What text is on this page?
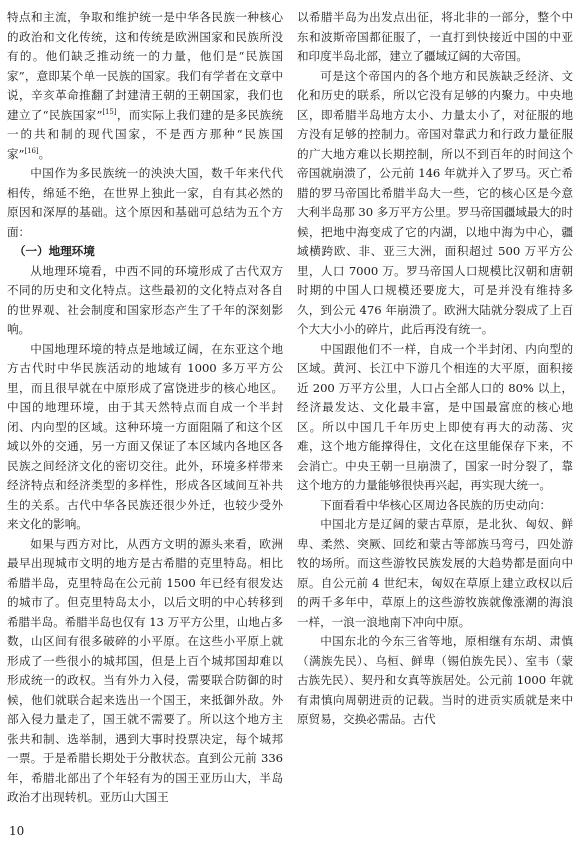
特点和主流，争取和维护统一是中华各民族一种核心的政治和文化传统，这和传统是欧洲国家和民族所没有的。他们缺乏推动统一的力量，他们是“民族国家”，意即某个单一民族的国家。我们有学者在文章中说，辛亥革命推翻了封建清王朝的王朝国家，我们也建立了“民族国家”[15]，而实际上我们建的是多民族统一的共和制的现代国家，不是西方那种“民族国家”[16]。

中国作为多民族统一的泱泱大国，数千年来代代相传，绵延不绝，在世界上独此一家，自有其必然的原因和深厚的基础。这个原因和基础可总结为五个方面：

（一）地理环境

从地理环境看，中西不同的环境形成了古代双方不同的历史和文化特点。这些最初的文化特点对各自的世界观、社会制度和国家形态产生了千年的深刻影响。

中国地理环境的特点是地域辽阔，在东亚这个地方古代时中华民族活动的地域有 1000 多万平方公里，而且很早就在中原形成了富饶进步的核心地区。中国的地理环境，由于其天然特点而自成一个半封闭、内向型的区域。这种环境一方面阻隔了和这个区域以外的交通，另一方面又保证了本区域内各地区各民族之间经济文化的密切交往。此外，环境多样带来经济特点和经济类型的多样性，形成各区域间互补共生的关系。古代中华各民族还很少外迁，也较少受外来文化的影响。

如果与西方对比，从西方文明的源头来看，欧洲最早出现城市文明的地方是古希腊的克里特岛。相比希腊半岛，克里特岛在公元前 1500 年已经有很发达的城市了。但克里特岛太小，以后文明的中心转移到希腊半岛。希腊半岛也仅有 13 万平方公里，山地占多数，山区间有很多破碎的小平原。在这些小平原上就形成了一些很小的城邦国，但是上百个城邦国却难以形成统一的政权。当有外力入侵，需要联合防御的时候，他们就联合起来选出一个国王，来抵御外敌。外部入侵力量走了，国王就不需要了。所以这个地方主张共和制、选举制，遇到大事时投票决定，每个城邦一票。于是希腊长期处于分散状态。直到公元前 336 年，希腊北部出了个年轻有为的国王亚历山大，半岛政治才出现转机。亚历山大国王

以希腊半岛为出发点出征，将北非的一部分，整个中东和波斯帝国都征服了，一直打到快接近中国的中亚和印度半岛北部，建立了疆域辽阔的大帝国。

可是这个帝国内的各个地方和民族缺乏经济、文化和历史的联系，所以它没有足够的内聚力。中央地区，即希腊半岛地方太小、力量太小了，对征服的地方没有足够的控制力。帝国对靠武力和行政力量征服的广大地方难以长期控制，所以不到百年的时间这个帝国就崩溃了，公元前 146 年就并入了罗马。灭亡希腊的罗马帝国比希腊半岛大一些，它的核心区是今意大利半岛那 30 多万平方公里。罗马帝国疆域最大的时候，把地中海变成了它的内湖，以地中海为中心，疆域横跨欧、非、亚三大洲，面积超过 500 万平方公里，人口 7000 万。罗马帝国人口规模比汉朝和唐朝时期的中国人口规模还要庞大，可是并没有维持多久，到公元 476 年崩溃了。欧洲大陆就分裂成了上百个大大小小的碎片，此后再没有统一。

中国跟他们不一样，自成一个半封闭、内向型的区域。黄河、长江中下游几个相连的大平原，面积接近 200 万平方公里，人口占全部人口的 80% 以上，经济最发达、文化最丰富，是中国最富庶的核心地区。所以中国几千年历史上即使有再大的动荡、灾难，这个地方能撑得住，文化在这里能保存下来，不会消亡。中央王朝一旦崩溃了，国家一时分裂了，靠这个地方的力量能够很快再兴起，再实现大统一。

下面看看中华核心区周边各民族的历史动向：

中国北方是辽阔的蒙古草原，是北狄、匈奴、鲜卑、柔然、突厥、回纥和蒙古等部族马弯弓，四处游牧的场所。而这些游牧民族发展的大趋势都是面向中原。自公元前 4 世纪末，匈奴在草原上建立政权以后的两千多年中，草原上的这些游牧族就像涨潮的海浪一样，一浪一浪地南下冲向中原。

中国东北的今东三省等地，原相继有东胡、肃慎（满族先民）、乌桓、鲜卑（锡伯族先民）、室韦（蒙古族先民）、契丹和女真等族居处。公元前 1000 年就有肃慎向周朝进贡的记载。当时的进贡实质就是来中原贸易，交换必需品。古代

10
